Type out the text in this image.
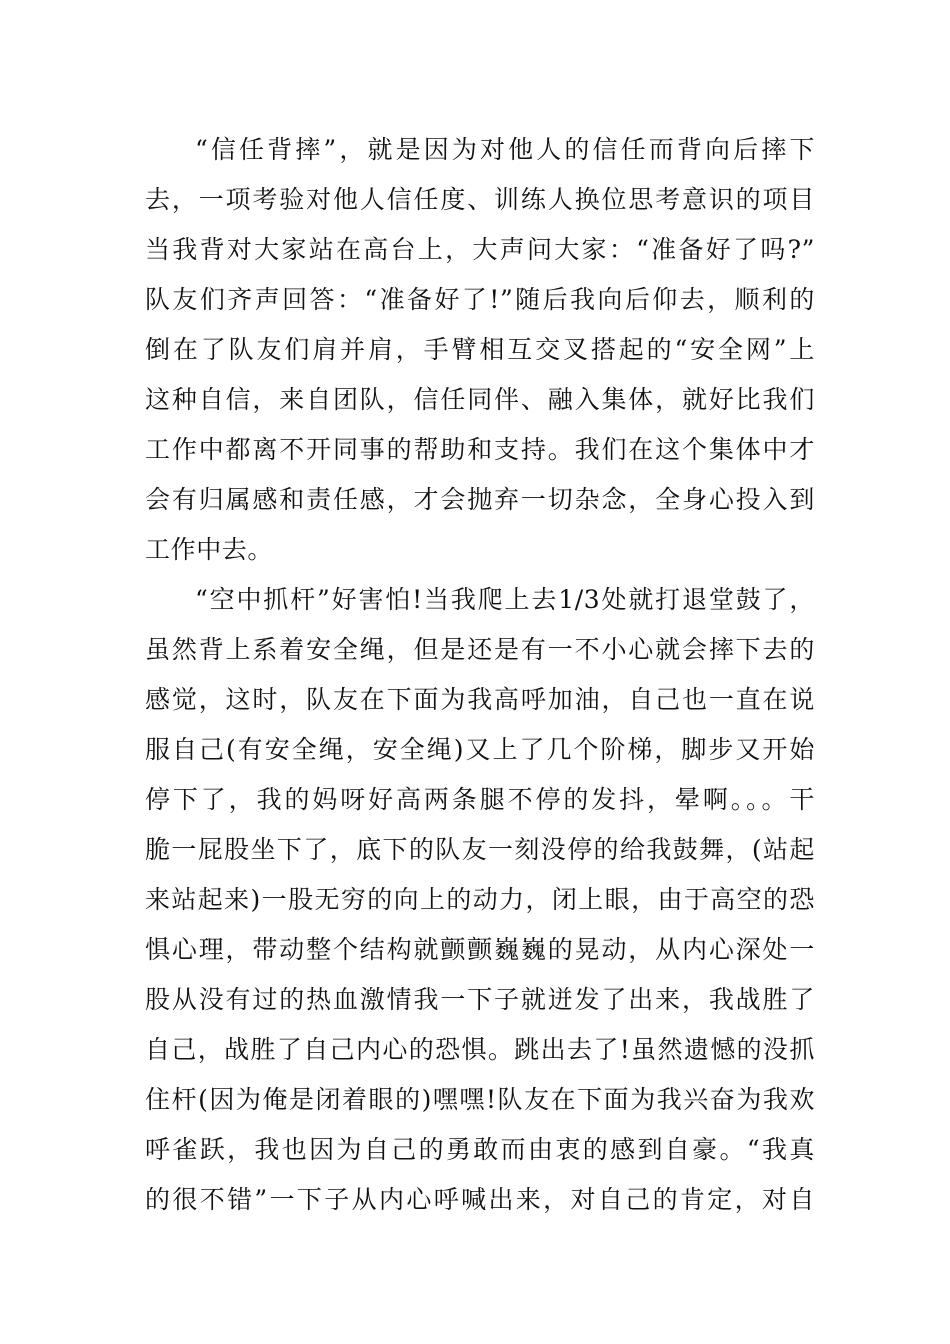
“信任背摔”，就是因为对他人的信任而背向后摔下
去，一项考验对他人信任度、训练人换位思考意识的项目
当我背对大家站在高台上，大声问大家：“准备好了吗?”
队友们齐声回答：“准备好了!”随后我向后仰去，顺利的
倒在了队友们肩并肩，手臂相互交叉搭起的“安全网”上
这种自信，来自团队，信任同伴、融入集体，就好比我们
工作中都离不开同事的帮助和支持。我们在这个集体中才
会有归属感和责任感，才会抛弃一切杂念，全身心投入到
工作中去。
“空中抓杆”好害怕!当我爬上去1/3处就打退堂鼓了，
虽然背上系着安全绳，但是还是有一不小心就会摔下去的
感觉，这时，队友在下面为我高呼加油，自己也一直在说
服自己(有安全绳，安全绳)又上了几个阶梯，脚步又开始
停下了，我的妈呀好高两条腿不停的发抖，晕啊。。。干
脆一屁股坐下了，底下的队友一刻没停的给我鼓舞，(站起
来站起来)一股无穷的向上的动力，闭上眼，由于高空的恐
惧心理，带动整个结构就颤颤巍巍的晃动，从内心深处一
股从没有过的热血激情我一下子就迸发了出来，我战胜了
自己，战胜了自己内心的恐惧。跳出去了!虽然遗憾的没抓
住杆(因为俺是闭着眼的)嘿嘿!队友在下面为我兴奋为我欢
呼雀跃，我也因为自己的勇敢而由衷的感到自豪。“我真
的很不错”一下子从内心呼喊出来，对自己的肯定，对自
